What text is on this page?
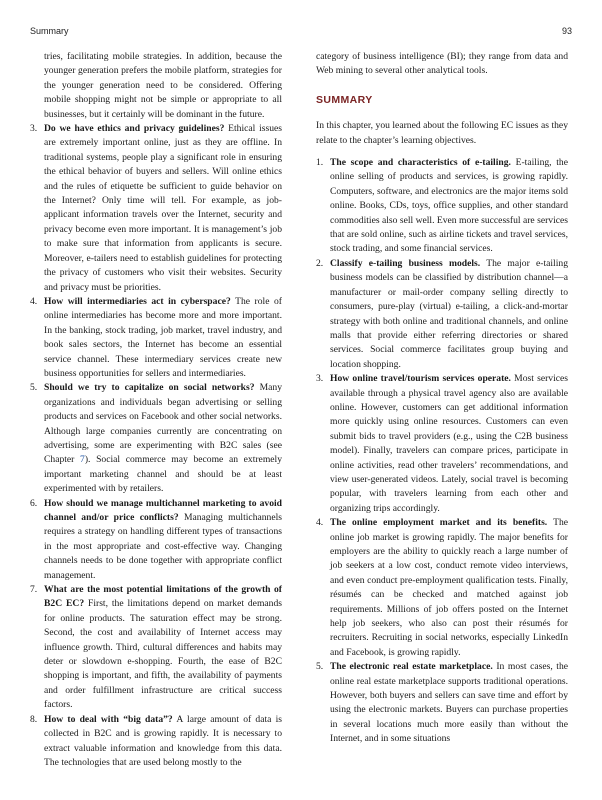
Summary	93

tries, facilitating mobile strategies. In addition, because the younger generation prefers the mobile platform, strategies for the younger generation need to be considered. Offering mobile shopping might not be simple or appropriate to all businesses, but it certainly will be dominant in the future.

3. Do we have ethics and privacy guidelines? Ethical issues are extremely important online, just as they are offline. In traditional systems, people play a significant role in ensuring the ethical behavior of buyers and sellers. Will online ethics and the rules of etiquette be sufficient to guide behavior on the Internet? Only time will tell. For example, as job-applicant information travels over the Internet, security and privacy become even more important. It is management’s job to make sure that information from applicants is secure. Moreover, e-tailers need to establish guidelines for protecting the privacy of customers who visit their websites. Security and privacy must be priorities.
4. How will intermediaries act in cyberspace? The role of online intermediaries has become more and more important. In the banking, stock trading, job market, travel industry, and book sales sectors, the Internet has become an essential service channel. These intermediary services create new business opportunities for sellers and intermediaries.
5. Should we try to capitalize on social networks? Many organizations and individuals began advertising or selling products and services on Facebook and other social networks. Although large companies currently are concentrating on advertising, some are experimenting with B2C sales (see Chapter 7). Social commerce may become an extremely important marketing channel and should be at least experimented with by retailers.
6. How should we manage multichannel marketing to avoid channel and/or price conflicts? Managing multichannels requires a strategy on handling different types of transactions in the most appropriate and cost-effective way. Changing channels needs to be done together with appropriate conflict management.
7. What are the most potential limitations of the growth of B2C EC? First, the limitations depend on market demands for online products. The saturation effect may be strong. Second, the cost and availability of Internet access may influence growth. Third, cultural differences and habits may deter or slowdown e-shopping. Fourth, the ease of B2C shopping is important, and fifth, the availability of payments and order fulfillment infrastructure are critical success factors.
8. How to deal with “big data”? A large amount of data is collected in B2C and is growing rapidly. It is necessary to extract valuable information and knowledge from this data. The technologies that are used belong mostly to the

category of business intelligence (BI); they range from data and Web mining to several other analytical tools.

SUMMARY

In this chapter, you learned about the following EC issues as they relate to the chapter’s learning objectives.

1. The scope and characteristics of e-tailing. E-tailing, the online selling of products and services, is growing rapidly. Computers, software, and electronics are the major items sold online. Books, CDs, toys, office supplies, and other standard commodities also sell well. Even more successful are services that are sold online, such as airline tickets and travel services, stock trading, and some financial services.
2. Classify e-tailing business models. The major e-tailing business models can be classified by distribution channel—a manufacturer or mail-order company selling directly to consumers, pure-play (virtual) e-tailing, a click-and-mortar strategy with both online and traditional channels, and online malls that provide either referring directories or shared services. Social commerce facilitates group buying and location shopping.
3. How online travel/tourism services operate. Most services available through a physical travel agency also are available online. However, customers can get additional information more quickly using online resources. Customers can even submit bids to travel providers (e.g., using the C2B business model). Finally, travelers can compare prices, participate in online activities, read other travelers’ recommendations, and view user-generated videos. Lately, social travel is becoming popular, with travelers learning from each other and organizing trips accordingly.
4. The online employment market and its benefits. The online job market is growing rapidly. The major benefits for employers are the ability to quickly reach a large number of job seekers at a low cost, conduct remote video interviews, and even conduct pre-employment qualification tests. Finally, résumés can be checked and matched against job requirements. Millions of job offers posted on the Internet help job seekers, who also can post their résumés for recruiters. Recruiting in social networks, especially LinkedIn and Facebook, is growing rapidly.
5. The electronic real estate marketplace. In most cases, the online real estate marketplace supports traditional operations. However, both buyers and sellers can save time and effort by using the electronic markets. Buyers can purchase properties in several locations much more easily than without the Internet, and in some situations
